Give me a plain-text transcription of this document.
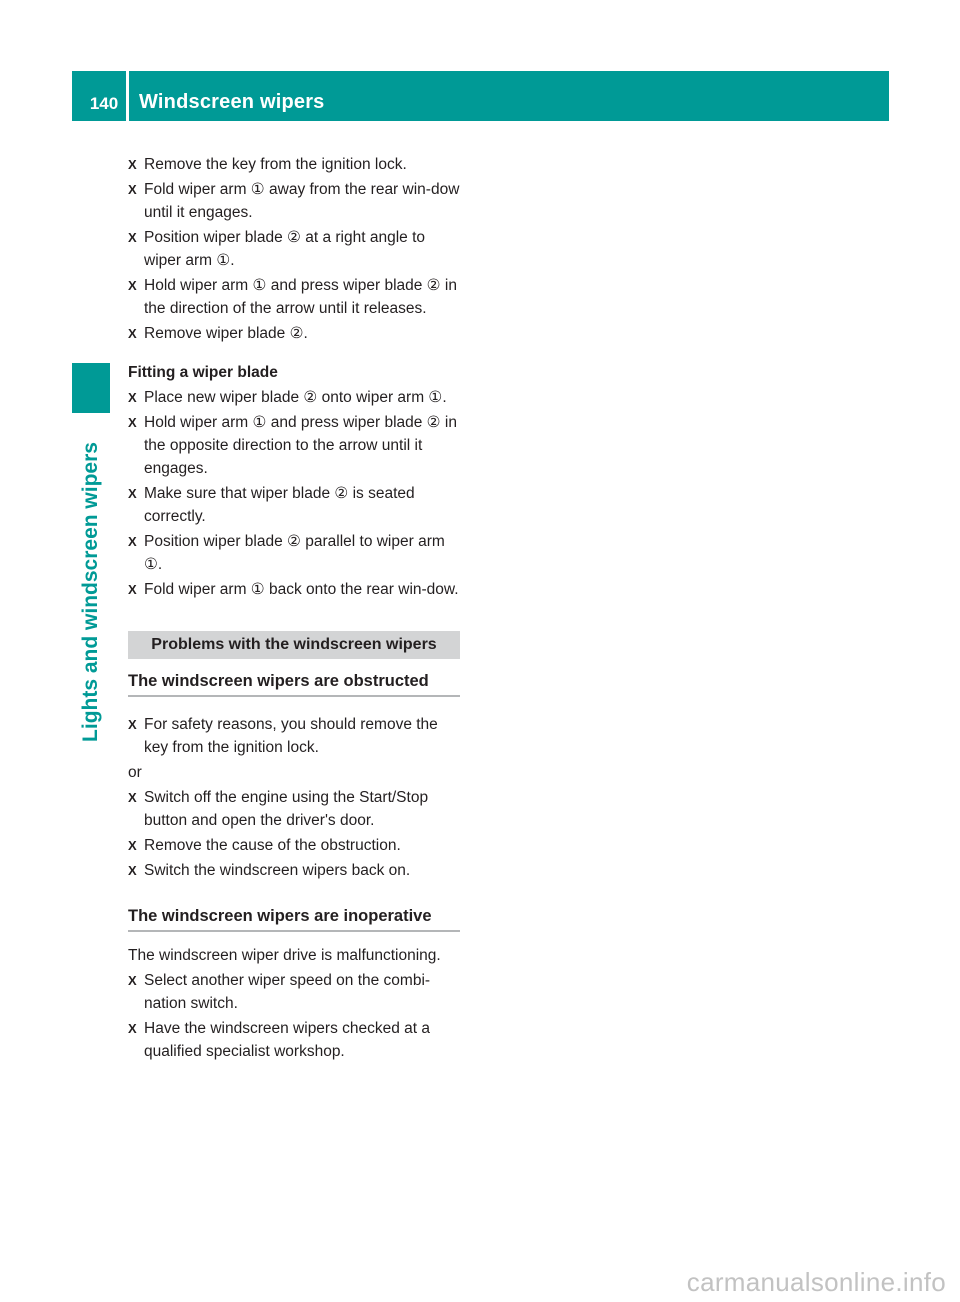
140	Windscreen wipers
Lights and windscreen wipers
X Remove the key from the ignition lock.
X Fold wiper arm ① away from the rear win-dow until it engages.
X Position wiper blade ② at a right angle to wiper arm ①.
X Hold wiper arm ① and press wiper blade ② in the direction of the arrow until it releases.
X Remove wiper blade ②.
Fitting a wiper blade
X Place new wiper blade ② onto wiper arm ①.
X Hold wiper arm ① and press wiper blade ② in the opposite direction to the arrow until it engages.
X Make sure that wiper blade ② is seated correctly.
X Position wiper blade ② parallel to wiper arm ①.
X Fold wiper arm ① back onto the rear win-dow.
Problems with the windscreen wipers
The windscreen wipers are obstructed
X For safety reasons, you should remove the key from the ignition lock.
or
X Switch off the engine using the Start/Stop button and open the driver's door.
X Remove the cause of the obstruction.
X Switch the windscreen wipers back on.
The windscreen wipers are inoperative
The windscreen wiper drive is malfunctioning.
X Select another wiper speed on the combi-nation switch.
X Have the windscreen wipers checked at a qualified specialist workshop.
carmanualsonline.info
